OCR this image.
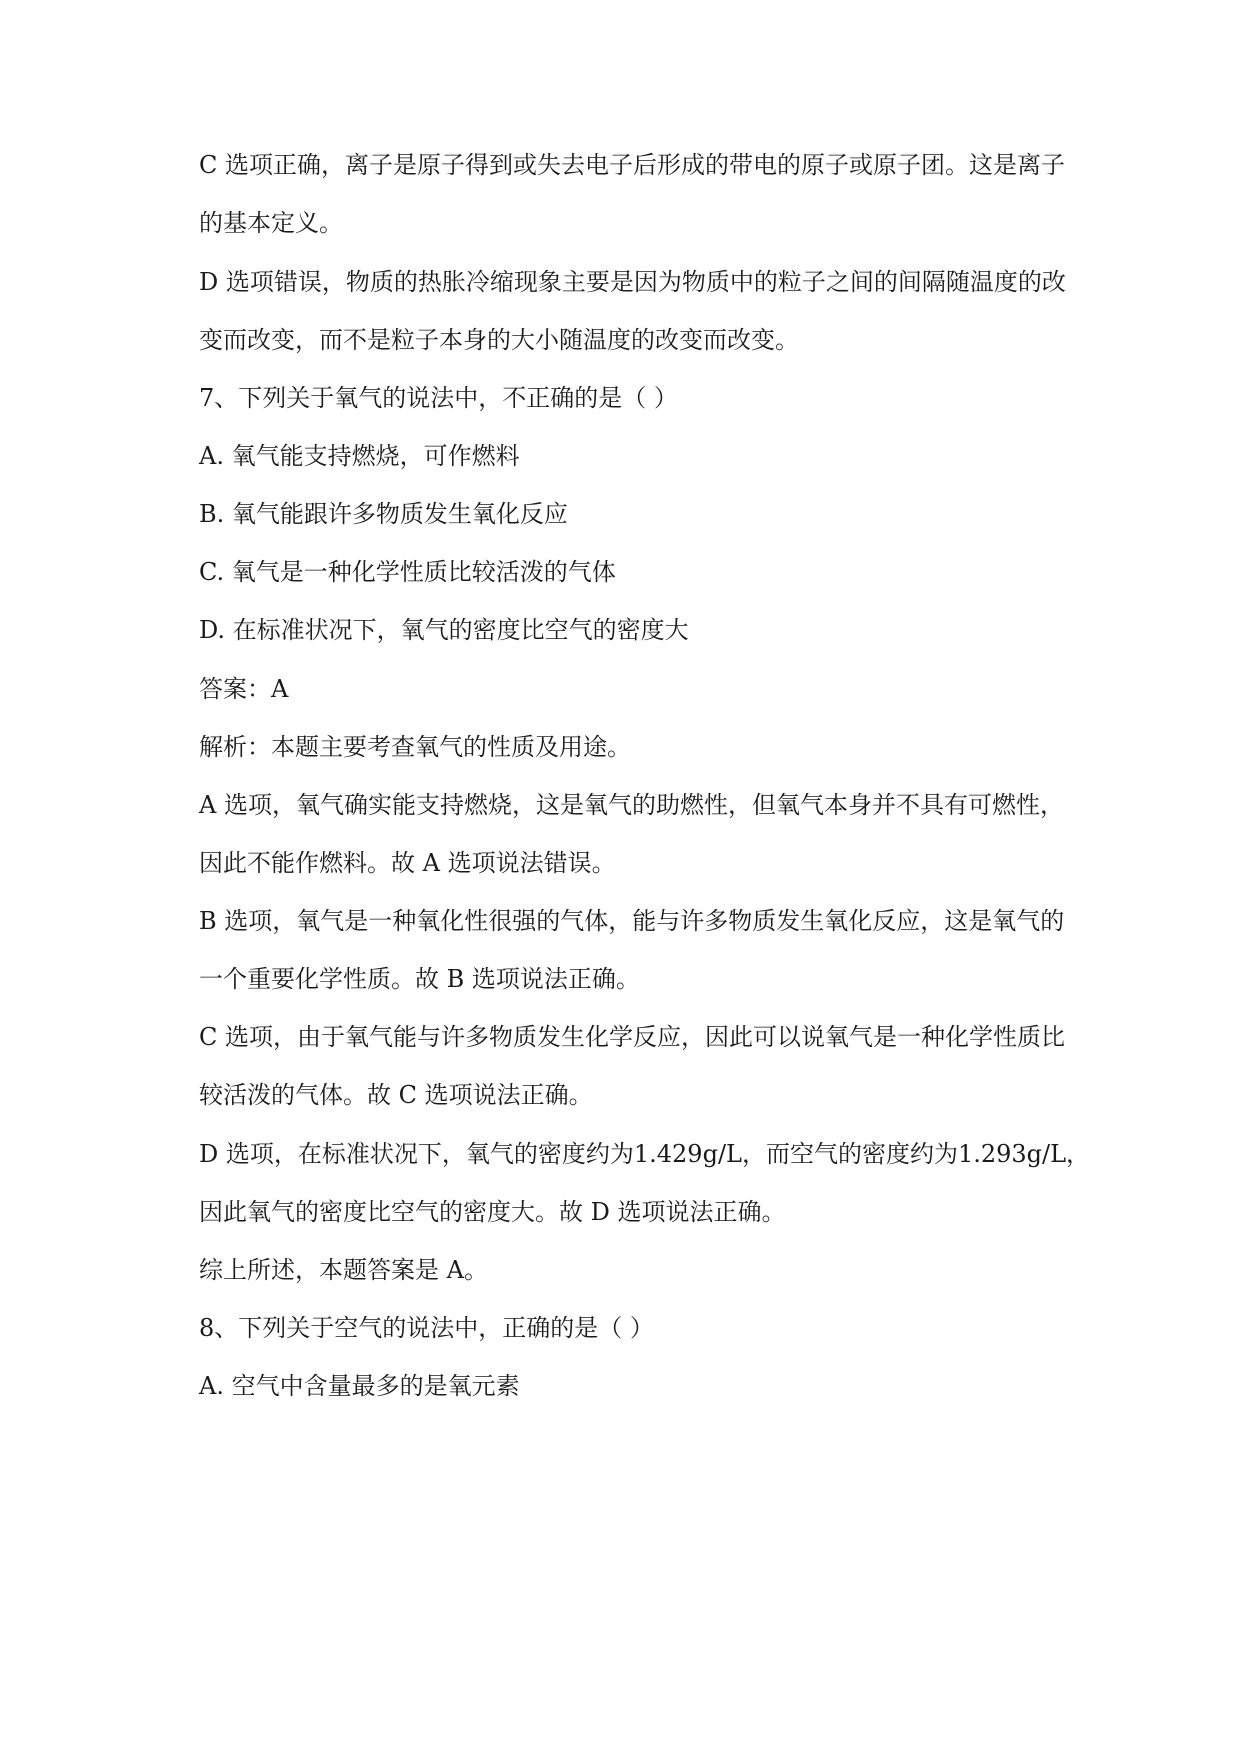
C 选项正确，离子是原子得到或失去电子后形成的带电的原子或原子团。这是离子
的基本定义。
D 选项错误，物质的热胀冷缩现象主要是因为物质中的粒子之间的间隔随温度的改
变而改变，而不是粒子本身的大小随温度的改变而改变。
7、下列关于氧气的说法中，不正确的是（ ）
A. 氧气能支持燃烧，可作燃料
B. 氧气能跟许多物质发生氧化反应
C. 氧气是一种化学性质比较活泼的气体
D. 在标准状况下，氧气的密度比空气的密度大
答案：A
解析：本题主要考查氧气的性质及用途。
A 选项，氧气确实能支持燃烧，这是氧气的助燃性，但氧气本身并不具有可燃性，
因此不能作燃料。故 A 选项说法错误。
B 选项，氧气是一种氧化性很强的气体，能与许多物质发生氧化反应，这是氧气的
一个重要化学性质。故 B 选项说法正确。
C 选项，由于氧气能与许多物质发生化学反应，因此可以说氧气是一种化学性质比
较活泼的气体。故 C 选项说法正确。
D 选项，在标准状况下，氧气的密度约为1.429g/L，而空气的密度约为1.293g/L，
因此氧气的密度比空气的密度大。故 D 选项说法正确。
综上所述，本题答案是 A。
8、下列关于空气的说法中，正确的是（ ）
A. 空气中含量最多的是氧元素
